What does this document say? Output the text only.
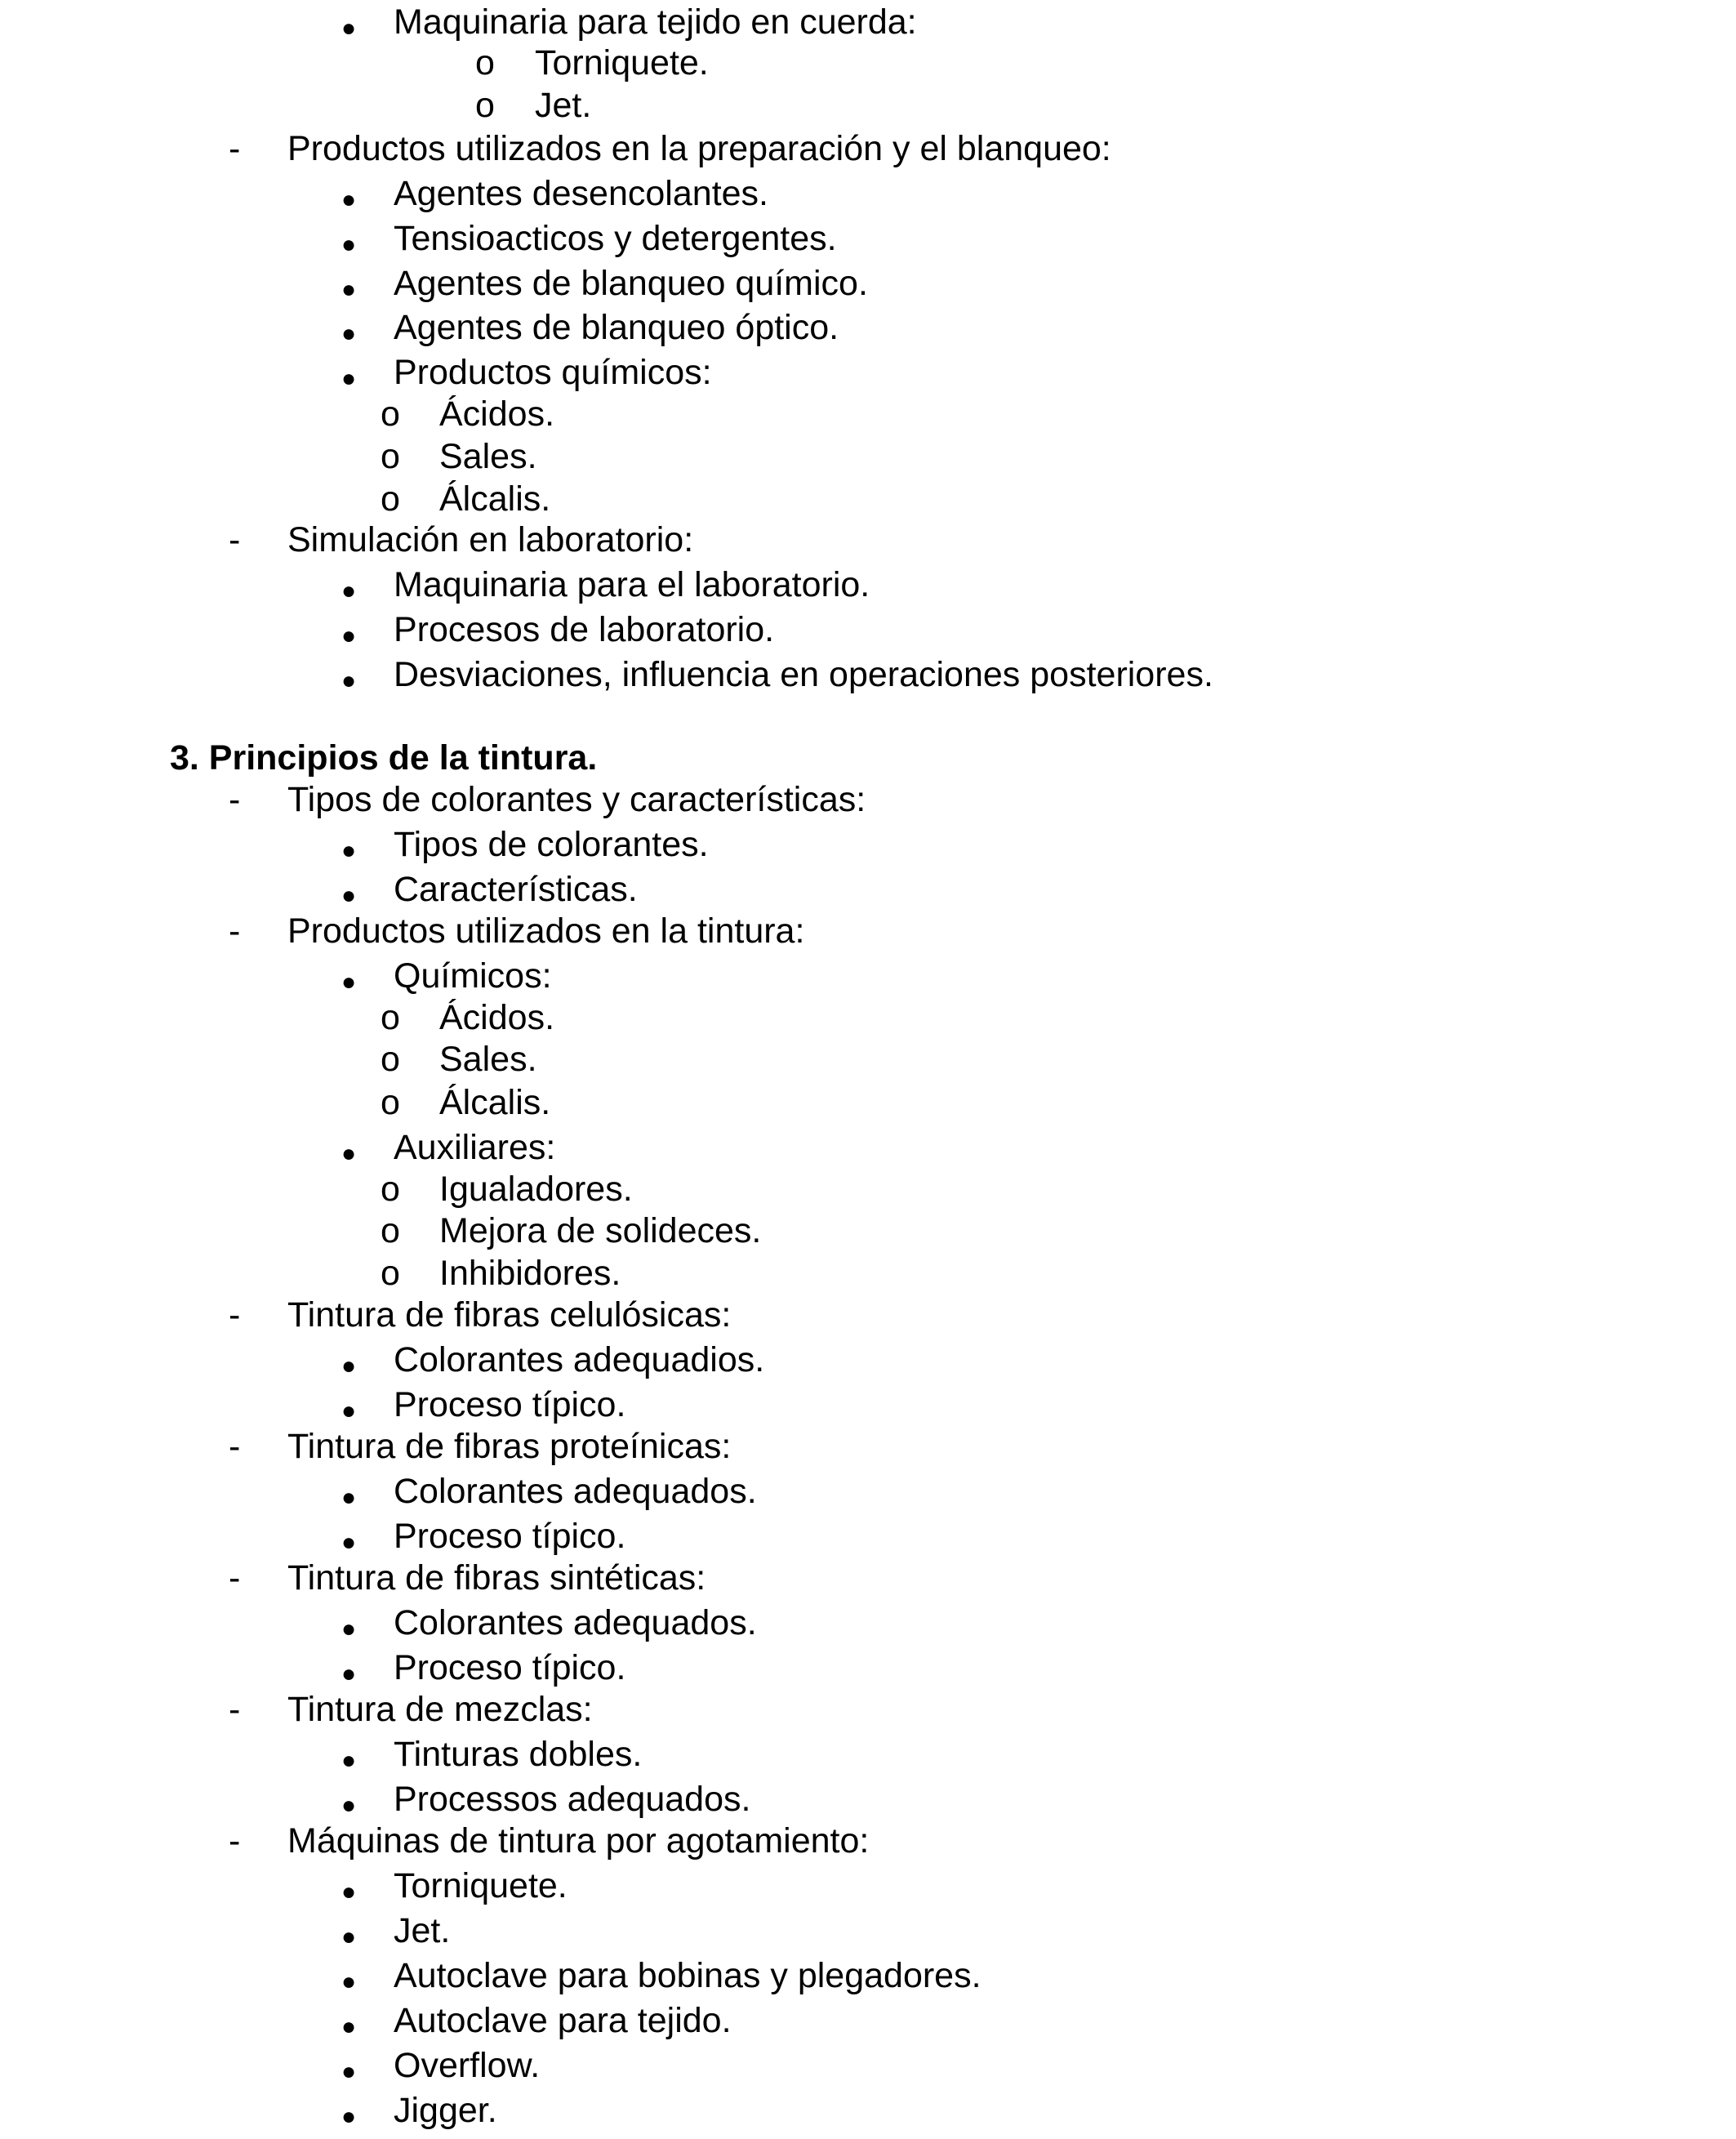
● Maquinaria para tejido en cuerda:
o Torniquete.
o Jet.
- Productos utilizados en la preparación y el blanqueo:
● Agentes desencolantes.
● Tensioacticos y detergentes.
● Agentes de blanqueo químico.
● Agentes de blanqueo óptico.
● Productos químicos:
o Ácidos.
o Sales.
o Álcalis.
- Simulación en laboratorio:
● Maquinaria para el laboratorio.
● Procesos de laboratorio.
● Desviaciones, influencia en operaciones posteriores.
3. Principios de la tintura.
- Tipos de colorantes y características:
● Tipos de colorantes.
● Características.
- Productos utilizados en la tintura:
● Químicos:
o Ácidos.
o Sales.
o Álcalis.
● Auxiliares:
o Igualadores.
o Mejora de solideces.
o Inhibidores.
- Tintura de fibras celulósicas:
● Colorantes adequadios.
● Proceso típico.
- Tintura de fibras proteínicas:
● Colorantes adequados.
● Proceso típico.
- Tintura de fibras sintéticas:
● Colorantes adequados.
● Proceso típico.
- Tintura de mezclas:
● Tinturas dobles.
● Processos adequados.
- Máquinas de tintura por agotamiento:
● Torniquete.
● Jet.
● Autoclave para bobinas y plegadores.
● Autoclave para tejido.
● Overflow.
● Jigger.
